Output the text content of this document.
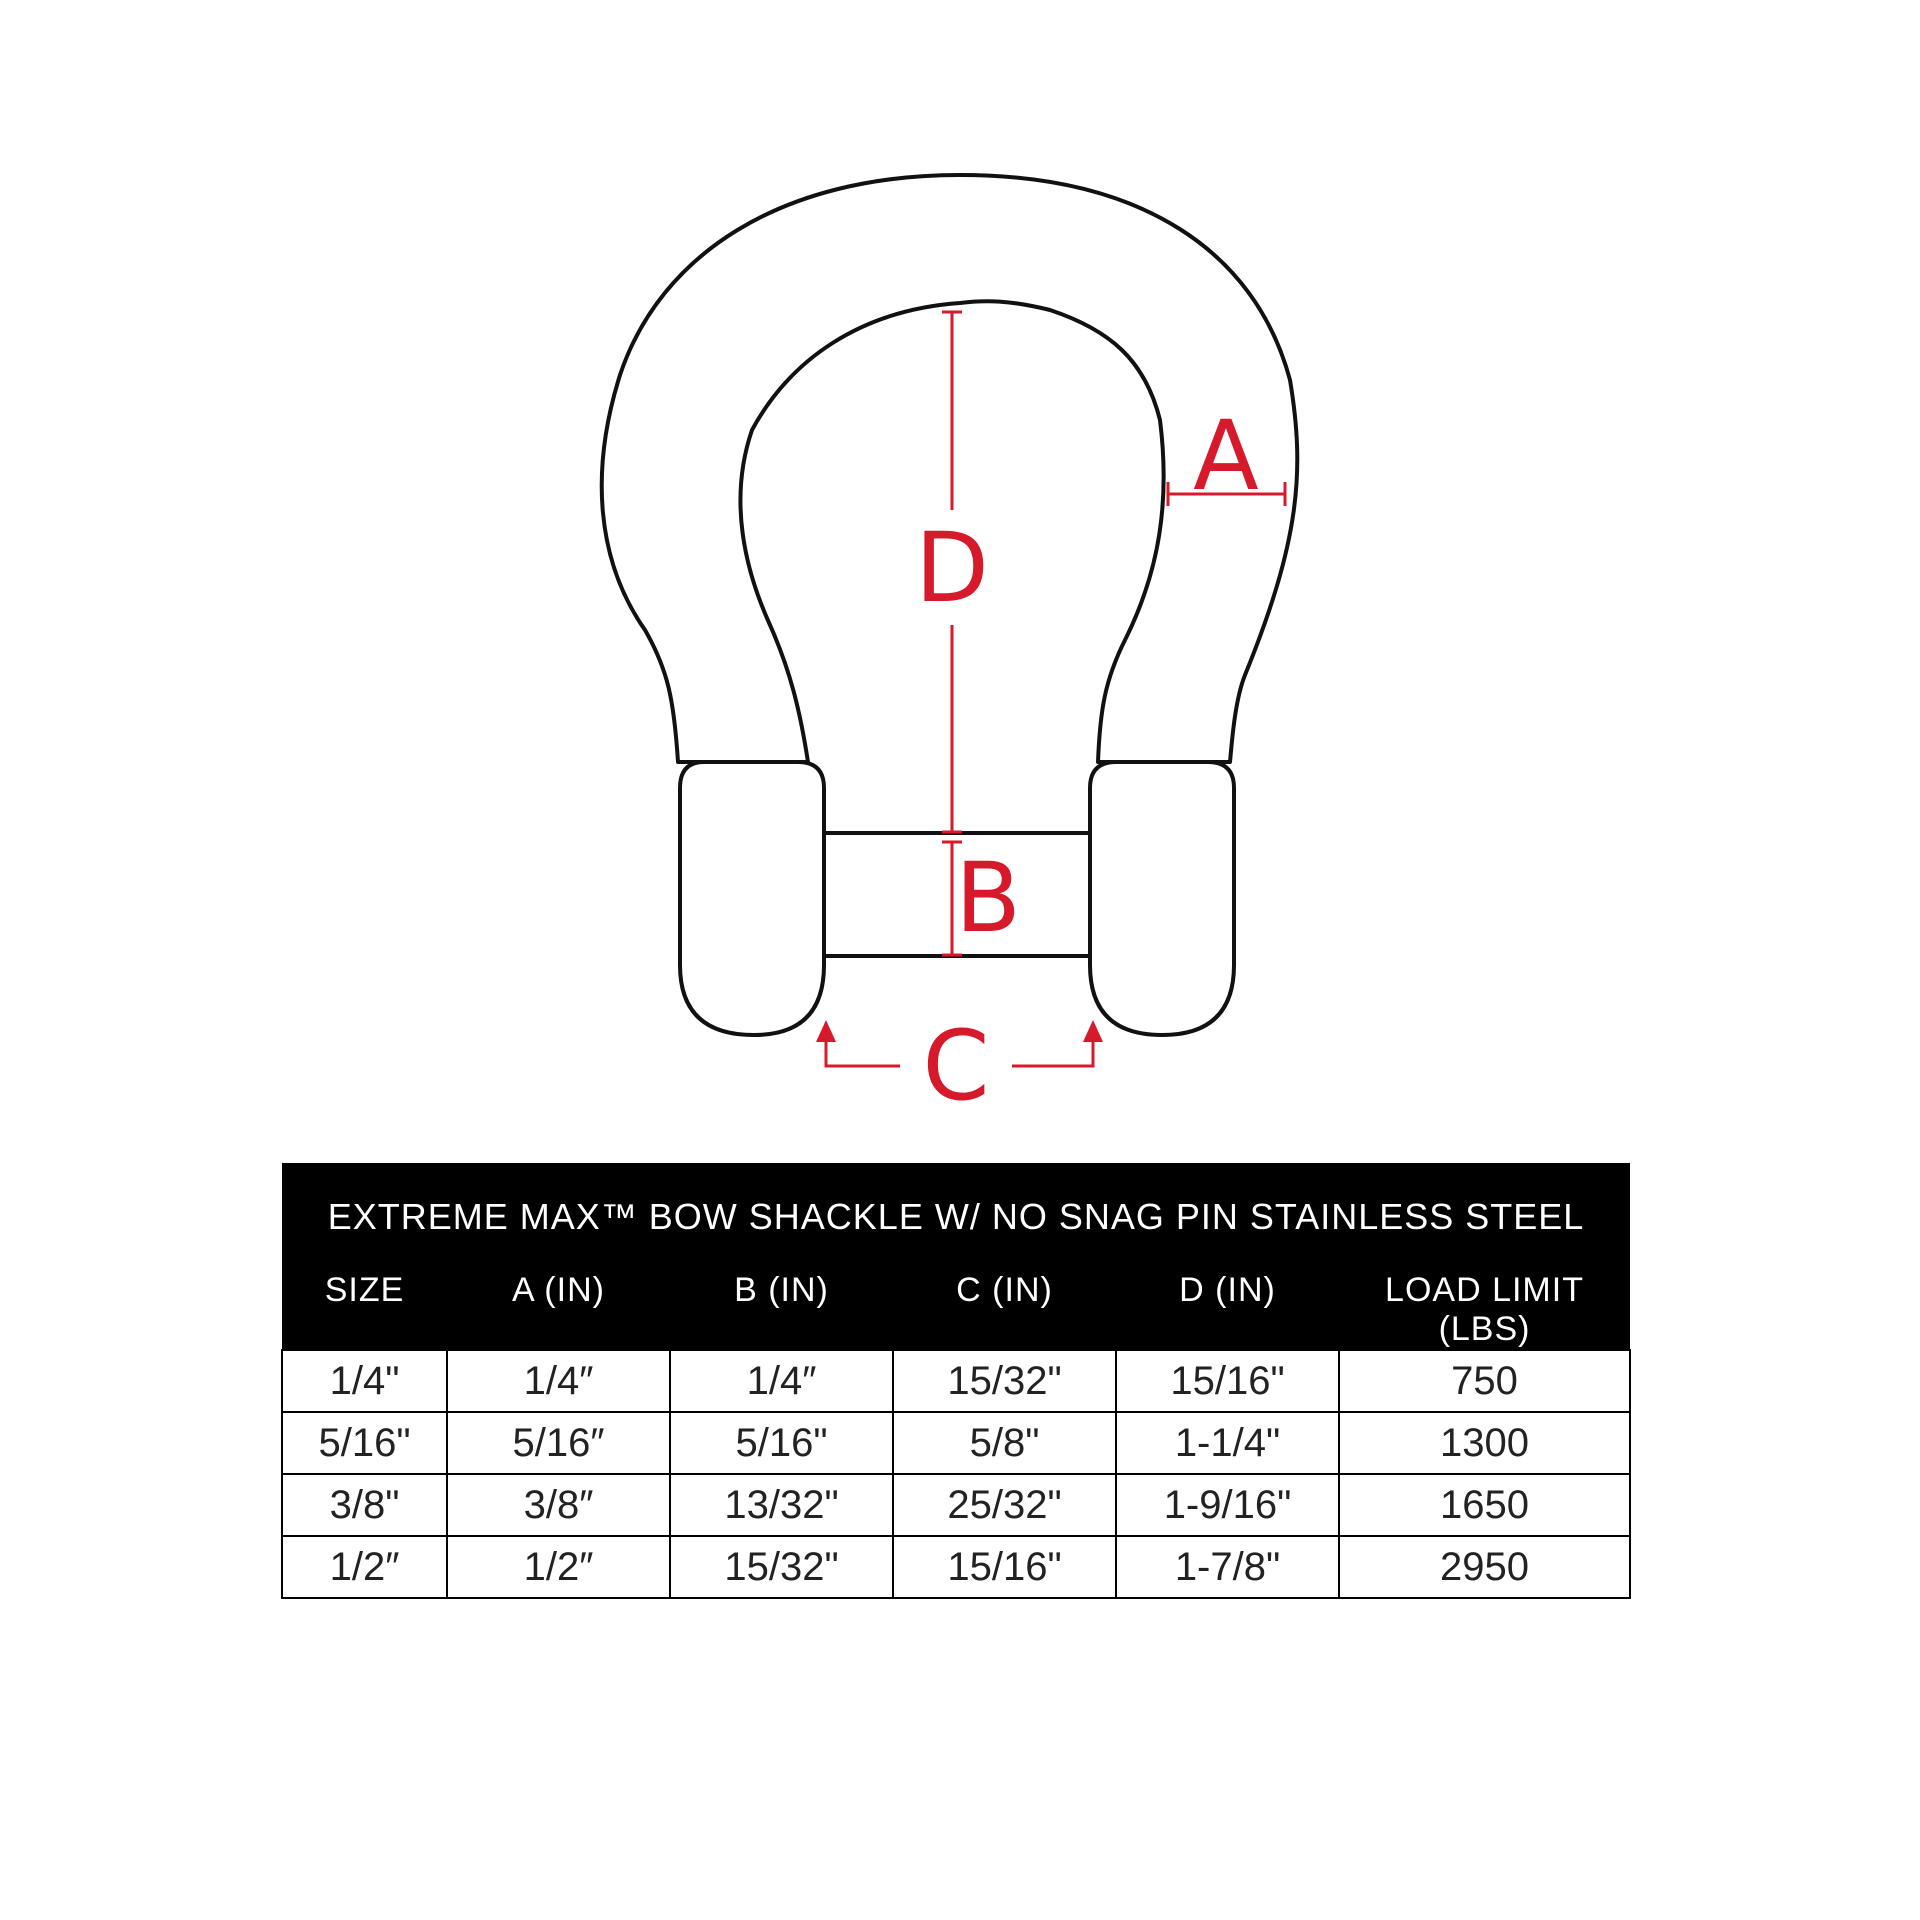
D
A
B
C
EXTREME MAX™ BOW SHACKLE W/ NO SNAG PIN STAINLESS STEEL					
SIZE	A (IN)	B (IN)	C (IN)	D (IN)	LOAD LIMIT (LBS)
1/4"	1/4″	1/4″	15/32"	15/16"	750
5/16"	5/16″	5/16"	5/8"	1-1/4"	1300
3/8"	3/8″	13/32"	25/32"	1-9/16"	1650
1/2″	1/2″	15/32"	15/16"	1-7/8"	2950
